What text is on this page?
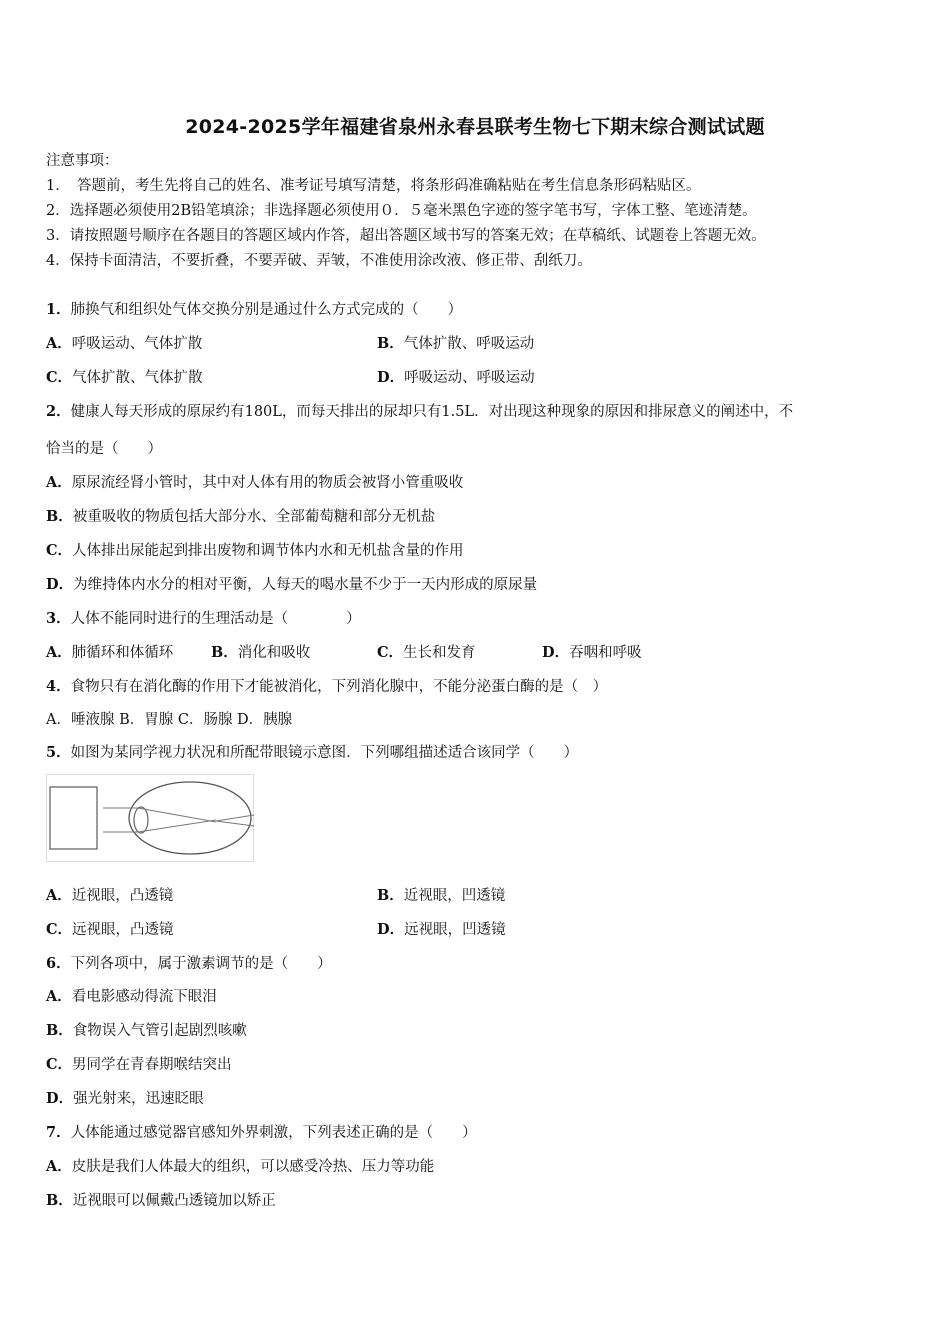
2024-2025学年福建省泉州永春县联考生物七下期末综合测试试题
注意事项：
1．　答题前，考生先将自己的姓名、准考证号填写清楚，将条形码准确粘贴在考生信息条形码粘贴区。
2．选择题必须使用2B铅笔填涂；非选择题必须使用０．５毫米黑色字迹的签字笔书写，字体工整、笔迹清楚。
3．请按照题号顺序在各题目的答题区域内作答，超出答题区域书写的答案无效；在草稿纸、试题卷上答题无效。
4．保持卡面清洁，不要折叠，不要弄破、弄皱，不准使用涂改液、修正带、刮纸刀。
1．肺换气和组织处气体交换分别是通过什么方式完成的（　　）
A．呼吸运动、气体扩散	B．气体扩散、呼吸运动
C．气体扩散、气体扩散	D．呼吸运动、呼吸运动
2．健康人每天形成的原尿约有180L，而每天排出的尿却只有1.5L．对出现这种现象的原因和排尿意义的阐述中，不
恰当的是（　　）
A．原尿流经肾小管时，其中对人体有用的物质会被肾小管重吸收
B．被重吸收的物质包括大部分水、全部葡萄糖和部分无机盐
C．人体排出尿能起到排出废物和调节体内水和无机盐含量的作用
D．为维持体内水分的相对平衡，人每天的喝水量不少于一天内形成的原尿量
3．人体不能同时进行的生理活动是（　　　　）
A．肺循环和体循环	B．消化和吸收	C．生长和发育	D．吞咽和呼吸
4．食物只有在消化酶的作用下才能被消化，下列消化腺中，不能分泌蛋白酶的是（　）
A．唾液腺 B．胃腺 C．肠腺 D．胰腺
5．如图为某同学视力状况和所配带眼镜示意图．下列哪组描述适合该同学（　　）
A．近视眼，凸透镜	B．近视眼，凹透镜
C．远视眼，凸透镜	D．远视眼，凹透镜
6．下列各项中，属于激素调节的是（　　）
A．看电影感动得流下眼泪
B．食物误入气管引起剧烈咳嗽
C．男同学在青春期喉结突出
D．强光射来，迅速眨眼
7．人体能通过感觉器官感知外界刺激，下列表述正确的是（　　）
A．皮肤是我们人体最大的组织，可以感受冷热、压力等功能
B．近视眼可以佩戴凸透镜加以矫正
